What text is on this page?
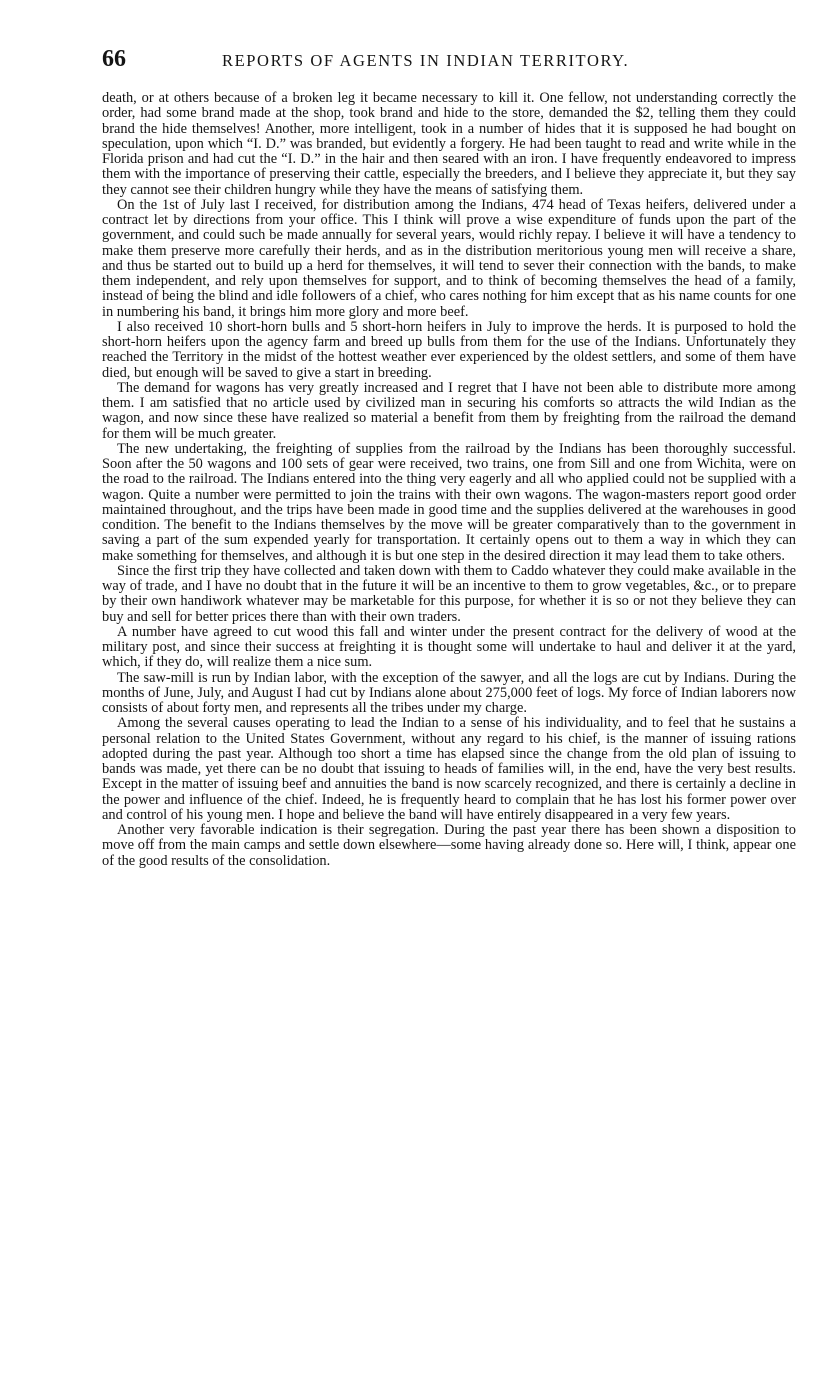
66	REPORTS OF AGENTS IN INDIAN TERRITORY.

death, or at others because of a broken leg it became necessary to kill it. One fellow, not understanding correctly the order, had some brand made at the shop, took brand and hide to the store, demanded the $2, telling them they could brand the hide themselves! Another, more intelligent, took in a number of hides that it is supposed he had bought on speculation, upon which “I. D.” was branded, but evidently a forgery. He had been taught to read and write while in the Florida prison and had cut the “I. D.” in the hair and then seared with an iron. I have frequently endeavored to impress them with the importance of preserving their cattle, especially the breeders, and I believe they appreciate it, but they say they cannot see their children hungry while they have the means of satisfying them.

On the 1st of July last I received, for distribution among the Indians, 474 head of Texas heifers, delivered under a contract let by directions from your office. This I think will prove a wise expenditure of funds upon the part of the government, and could such be made annually for several years, would richly repay. I believe it will have a tendency to make them preserve more carefully their herds, and as in the distribution meritorious young men will receive a share, and thus be started out to build up a herd for themselves, it will tend to sever their connection with the bands, to make them independent, and rely upon themselves for support, and to think of becoming themselves the head of a family, instead of being the blind and idle followers of a chief, who cares nothing for him except that as his name counts for one in numbering his band, it brings him more glory and more beef.

I also received 10 short-horn bulls and 5 short-horn heifers in July to improve the herds. It is purposed to hold the short-horn heifers upon the agency farm and breed up bulls from them for the use of the Indians. Unfortunately they reached the Territory in the midst of the hottest weather ever experienced by the oldest settlers, and some of them have died, but enough will be saved to give a start in breeding.

The demand for wagons has very greatly increased and I regret that I have not been able to distribute more among them. I am satisfied that no article used by civilized man in securing his comforts so attracts the wild Indian as the wagon, and now since these have realized so material a benefit from them by freighting from the railroad the demand for them will be much greater.

The new undertaking, the freighting of supplies from the railroad by the Indians has been thoroughly successful. Soon after the 50 wagons and 100 sets of gear were received, two trains, one from Sill and one from Wichita, were on the road to the railroad. The Indians entered into the thing very eagerly and all who applied could not be supplied with a wagon. Quite a number were permitted to join the trains with their own wagons. The wagon-masters report good order maintained throughout, and the trips have been made in good time and the supplies delivered at the warehouses in good condition. The benefit to the Indians themselves by the move will be greater comparatively than to the government in saving a part of the sum expended yearly for transportation. It certainly opens out to them a way in which they can make something for themselves, and although it is but one step in the desired direction it may lead them to take others.

Since the first trip they have collected and taken down with them to Caddo whatever they could make available in the way of trade, and I have no doubt that in the future it will be an incentive to them to grow vegetables, &c., or to prepare by their own handiwork whatever may be marketable for this purpose, for whether it is so or not they believe they can buy and sell for better prices there than with their own traders.

A number have agreed to cut wood this fall and winter under the present contract for the delivery of wood at the military post, and since their success at freighting it is thought some will undertake to haul and deliver it at the yard, which, if they do, will realize them a nice sum.

The saw-mill is run by Indian labor, with the exception of the sawyer, and all the logs are cut by Indians. During the months of June, July, and August I had cut by Indians alone about 275,000 feet of logs. My force of Indian laborers now consists of about forty men, and represents all the tribes under my charge.

Among the several causes operating to lead the Indian to a sense of his individuality, and to feel that he sustains a personal relation to the United States Government, without any regard to his chief, is the manner of issuing rations adopted during the past year. Although too short a time has elapsed since the change from the old plan of issuing to bands was made, yet there can be no doubt that issuing to heads of families will, in the end, have the very best results. Except in the matter of issuing beef and annuities the band is now scarcely recognized, and there is certainly a decline in the power and influence of the chief. Indeed, he is frequently heard to complain that he has lost his former power over and control of his young men. I hope and believe the band will have entirely disappeared in a very few years.

Another very favorable indication is their segregation. During the past year there has been shown a disposition to move off from the main camps and settle down elsewhere—some having already done so. Here will, I think, appear one of the good results of the consolidation.
